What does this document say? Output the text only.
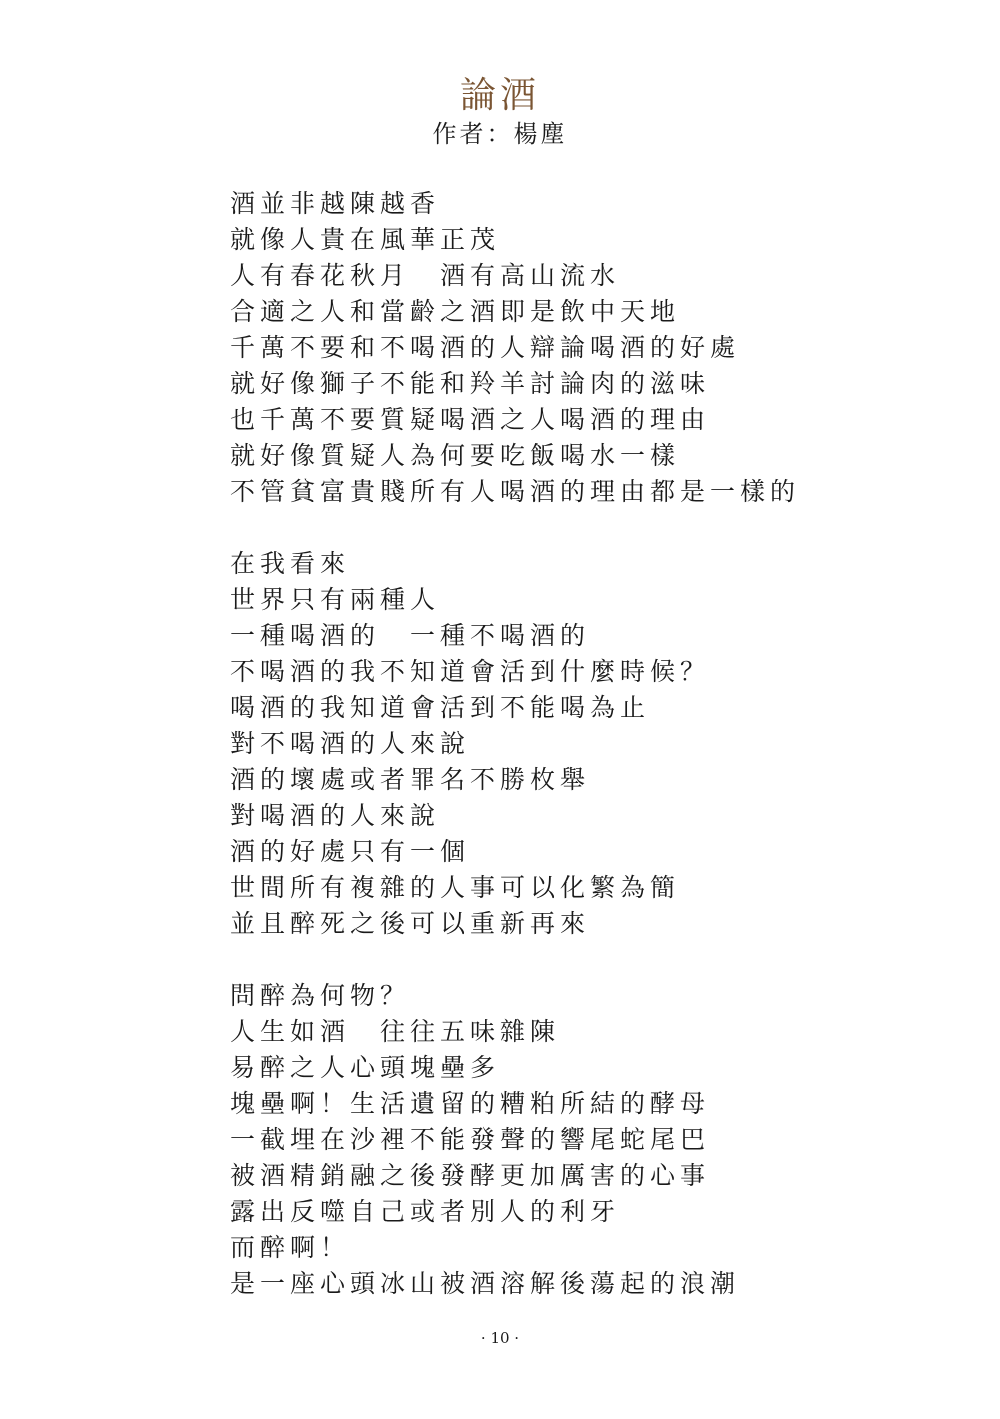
論酒
作者：楊塵
酒並非越陳越香
就像人貴在風華正茂
人有春花秋月　酒有高山流水
合適之人和當齡之酒即是飲中天地
千萬不要和不喝酒的人辯論喝酒的好處
就好像獅子不能和羚羊討論肉的滋味
也千萬不要質疑喝酒之人喝酒的理由
就好像質疑人為何要吃飯喝水一樣
不管貧富貴賤所有人喝酒的理由都是一樣的
在我看來
世界只有兩種人
一種喝酒的　一種不喝酒的
不喝酒的我不知道會活到什麼時候？
喝酒的我知道會活到不能喝為止
對不喝酒的人來說
酒的壞處或者罪名不勝枚舉
對喝酒的人來說
酒的好處只有一個
世間所有複雜的人事可以化繁為簡
並且醉死之後可以重新再來
問醉為何物？
人生如酒　往往五味雜陳
易醉之人心頭塊壘多
塊壘啊！生活遺留的糟粕所結的酵母
一截埋在沙裡不能發聲的響尾蛇尾巴
被酒精銷融之後發酵更加厲害的心事
露出反噬自己或者別人的利牙
而醉啊！
是一座心頭冰山被酒溶解後蕩起的浪潮
· 10 ·
